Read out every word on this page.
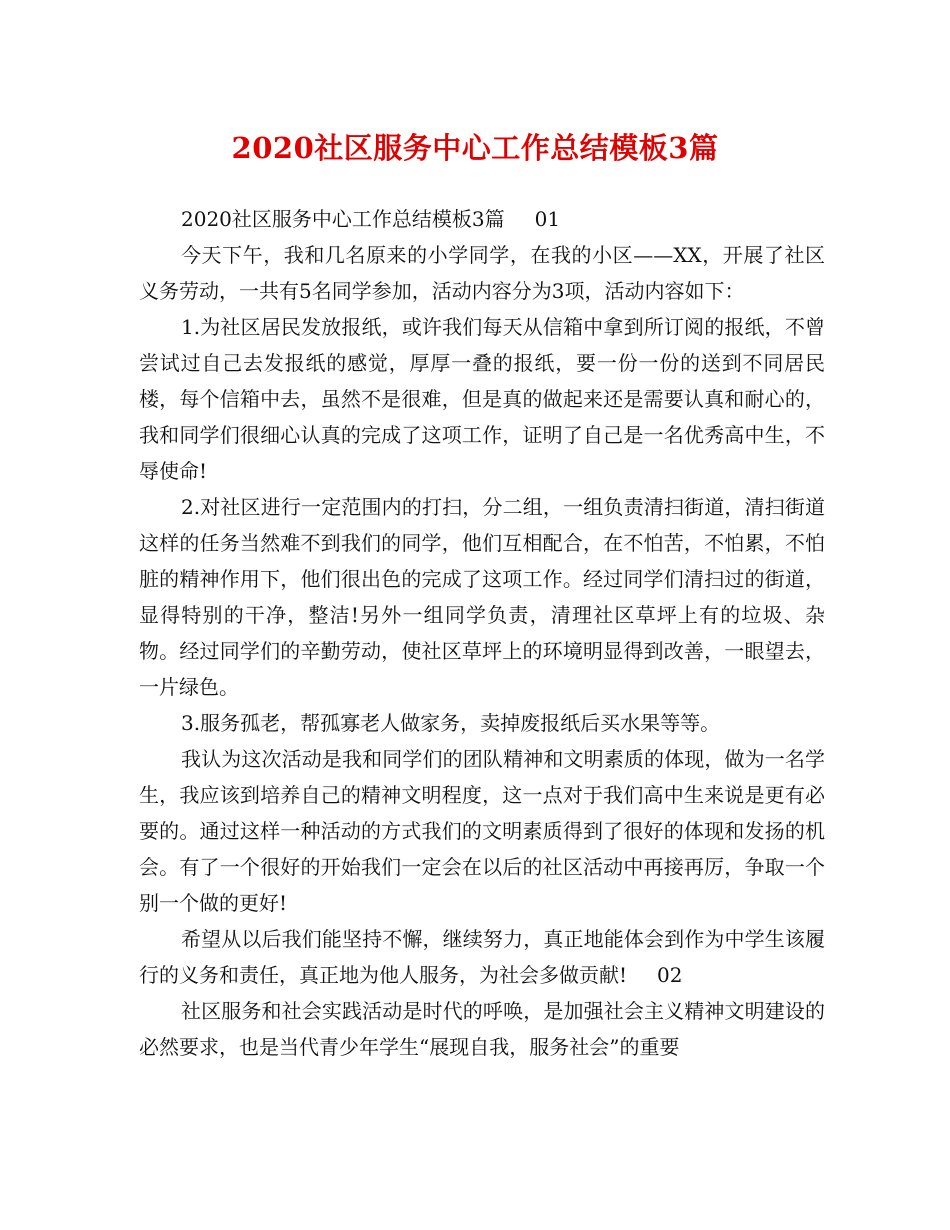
2020社区服务中心工作总结模板3篇

2020社区服务中心工作总结模板3篇 01

今天下午，我和几名原来的小学同学，在我的小区——XX，开展了社区义务劳动，一共有5名同学参加，活动内容分为3项，活动内容如下：

1.为社区居民发放报纸，或许我们每天从信箱中拿到所订阅的报纸，不曾尝试过自己去发报纸的感觉，厚厚一叠的报纸，要一份一份的送到不同居民楼，每个信箱中去，虽然不是很难，但是真的做起来还是需要认真和耐心的，我和同学们很细心认真的完成了这项工作，证明了自己是一名优秀高中生，不辱使命!

2.对社区进行一定范围内的打扫，分二组，一组负责清扫街道，清扫街道这样的任务当然难不到我们的同学，他们互相配合，在不怕苦，不怕累，不怕脏的精神作用下，他们很出色的完成了这项工作。经过同学们清扫过的街道，显得特别的干净，整洁!另外一组同学负责，清理社区草坪上有的垃圾、杂物。经过同学们的辛勤劳动，使社区草坪上的环境明显得到改善，一眼望去，一片绿色。

3.服务孤老，帮孤寡老人做家务，卖掉废报纸后买水果等等。

我认为这次活动是我和同学们的团队精神和文明素质的体现，做为一名学生，我应该到培养自己的精神文明程度，这一点对于我们高中生来说是更有必要的。通过这样一种活动的方式我们的文明素质得到了很好的体现和发扬的机会。有了一个很好的开始我们一定会在以后的社区活动中再接再厉，争取一个别一个做的更好!

希望从以后我们能坚持不懈，继续努力，真正地能体会到作为中学生该履行的义务和责任，真正地为他人服务，为社会多做贡献! 02

社区服务和社会实践活动是时代的呼唤，是加强社会主义精神文明建设的必然要求，也是当代青少年学生“展现自我，服务社会”的重要
